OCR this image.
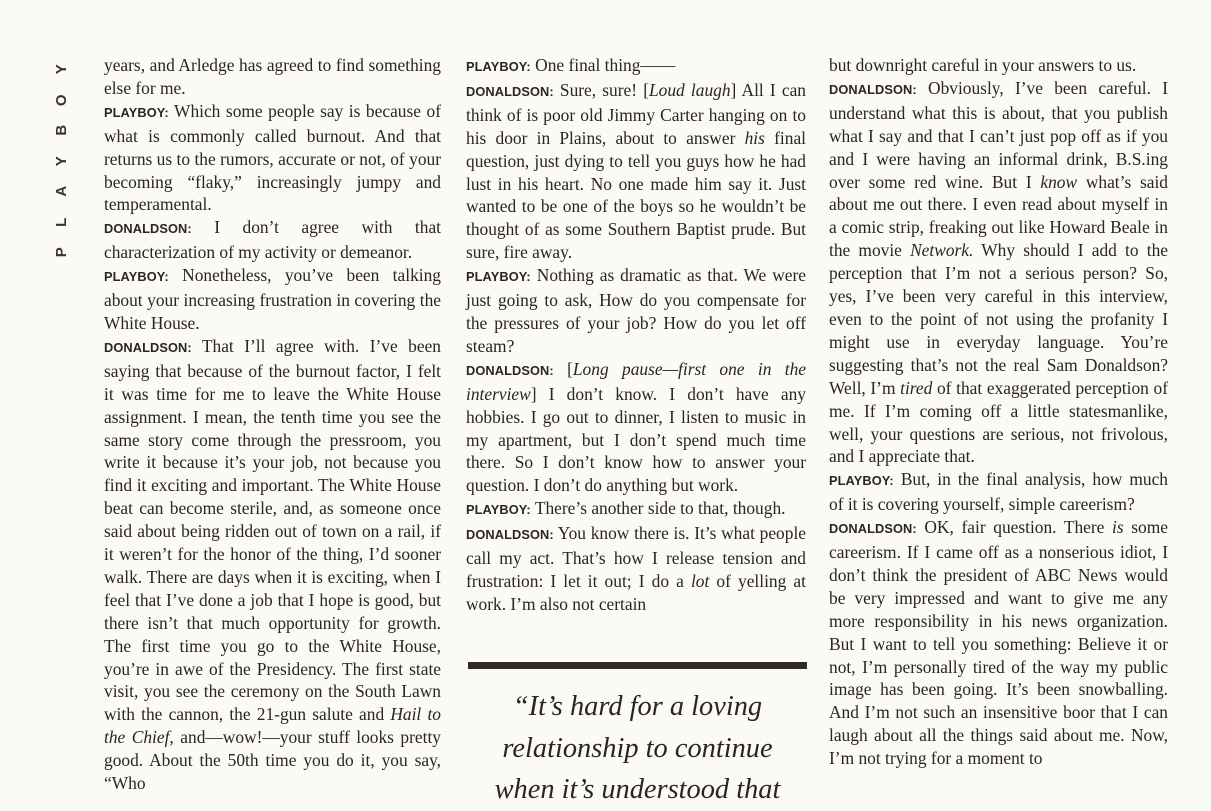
Y
O
B
Y
A
L
P

years, and Arledge has agreed to find something else for me.

PLAYBOY: Which some people say is because of what is commonly called burnout. And that returns us to the rumors, accurate or not, of your becoming “flaky,” increasingly jumpy and temperamental.

DONALDSON: I don’t agree with that characterization of my activity or demeanor.

PLAYBOY: Nonetheless, you’ve been talking about your increasing frustration in covering the White House.

DONALDSON: That I’ll agree with. I’ve been saying that because of the burnout factor, I felt it was time for me to leave the White House assignment. I mean, the tenth time you see the same story come through the pressroom, you write it because it’s your job, not because you find it exciting and important. The White House beat can become sterile, and, as someone once said about being ridden out of town on a rail, if it weren’t for the honor of the thing, I’d sooner walk. There are days when it is exciting, when I feel that I’ve done a job that I hope is good, but there isn’t that much opportunity for growth. The first time you go to the White House, you’re in awe of the Presidency. The first state visit, you see the ceremony on the South Lawn with the cannon, the 21-gun salute and Hail to the Chief, and—wow!—your stuff looks pretty good. About the 50th time you do it, you say, “Who

PLAYBOY: One final thing——

DONALDSON: Sure, sure! [Loud laugh] All I can think of is poor old Jimmy Carter hanging on to his door in Plains, about to answer his final question, just dying to tell you guys how he had lust in his heart. No one made him say it. Just wanted to be one of the boys so he wouldn’t be thought of as some Southern Baptist prude. But sure, fire away.

PLAYBOY: Nothing as dramatic as that. We were just going to ask, How do you compensate for the pressures of your job? How do you let off steam?

DONALDSON: [Long pause—first one in the interview] I don’t know. I don’t have any hobbies. I go out to dinner, I listen to music in my apartment, but I don’t spend much time there. So I don’t know how to answer your question. I don’t do anything but work.

PLAYBOY: There’s another side to that, though.

DONALDSON: You know there is. It’s what people call my act. That’s how I release tension and frustration: I let it out; I do a lot of yelling at work. I’m also not certain

“It’s hard for a loving
relationship to continue
when it’s understood that

but downright careful in your answers to us.

DONALDSON: Obviously, I’ve been careful. I understand what this is about, that you publish what I say and that I can’t just pop off as if you and I were having an informal drink, B.S.ing over some red wine. But I know what’s said about me out there. I even read about myself in a comic strip, freaking out like Howard Beale in the movie Network. Why should I add to the perception that I’m not a serious person? So, yes, I’ve been very careful in this interview, even to the point of not using the profanity I might use in everyday language. You’re suggesting that’s not the real Sam Donaldson? Well, I’m tired of that exaggerated perception of me. If I’m coming off a little statesmanlike, well, your questions are serious, not frivolous, and I appreciate that.

PLAYBOY: But, in the final analysis, how much of it is covering yourself, simple careerism?

DONALDSON: OK, fair question. There is some careerism. If I came off as a nonserious idiot, I don’t think the president of ABC News would be very impressed and want to give me any more responsibility in his news organization. But I want to tell you something: Believe it or not, I’m personally tired of the way my public image has been going. It’s been snowballing. And I’m not such an insensitive boor that I can laugh about all the things said about me. Now, I’m not trying for a moment to
